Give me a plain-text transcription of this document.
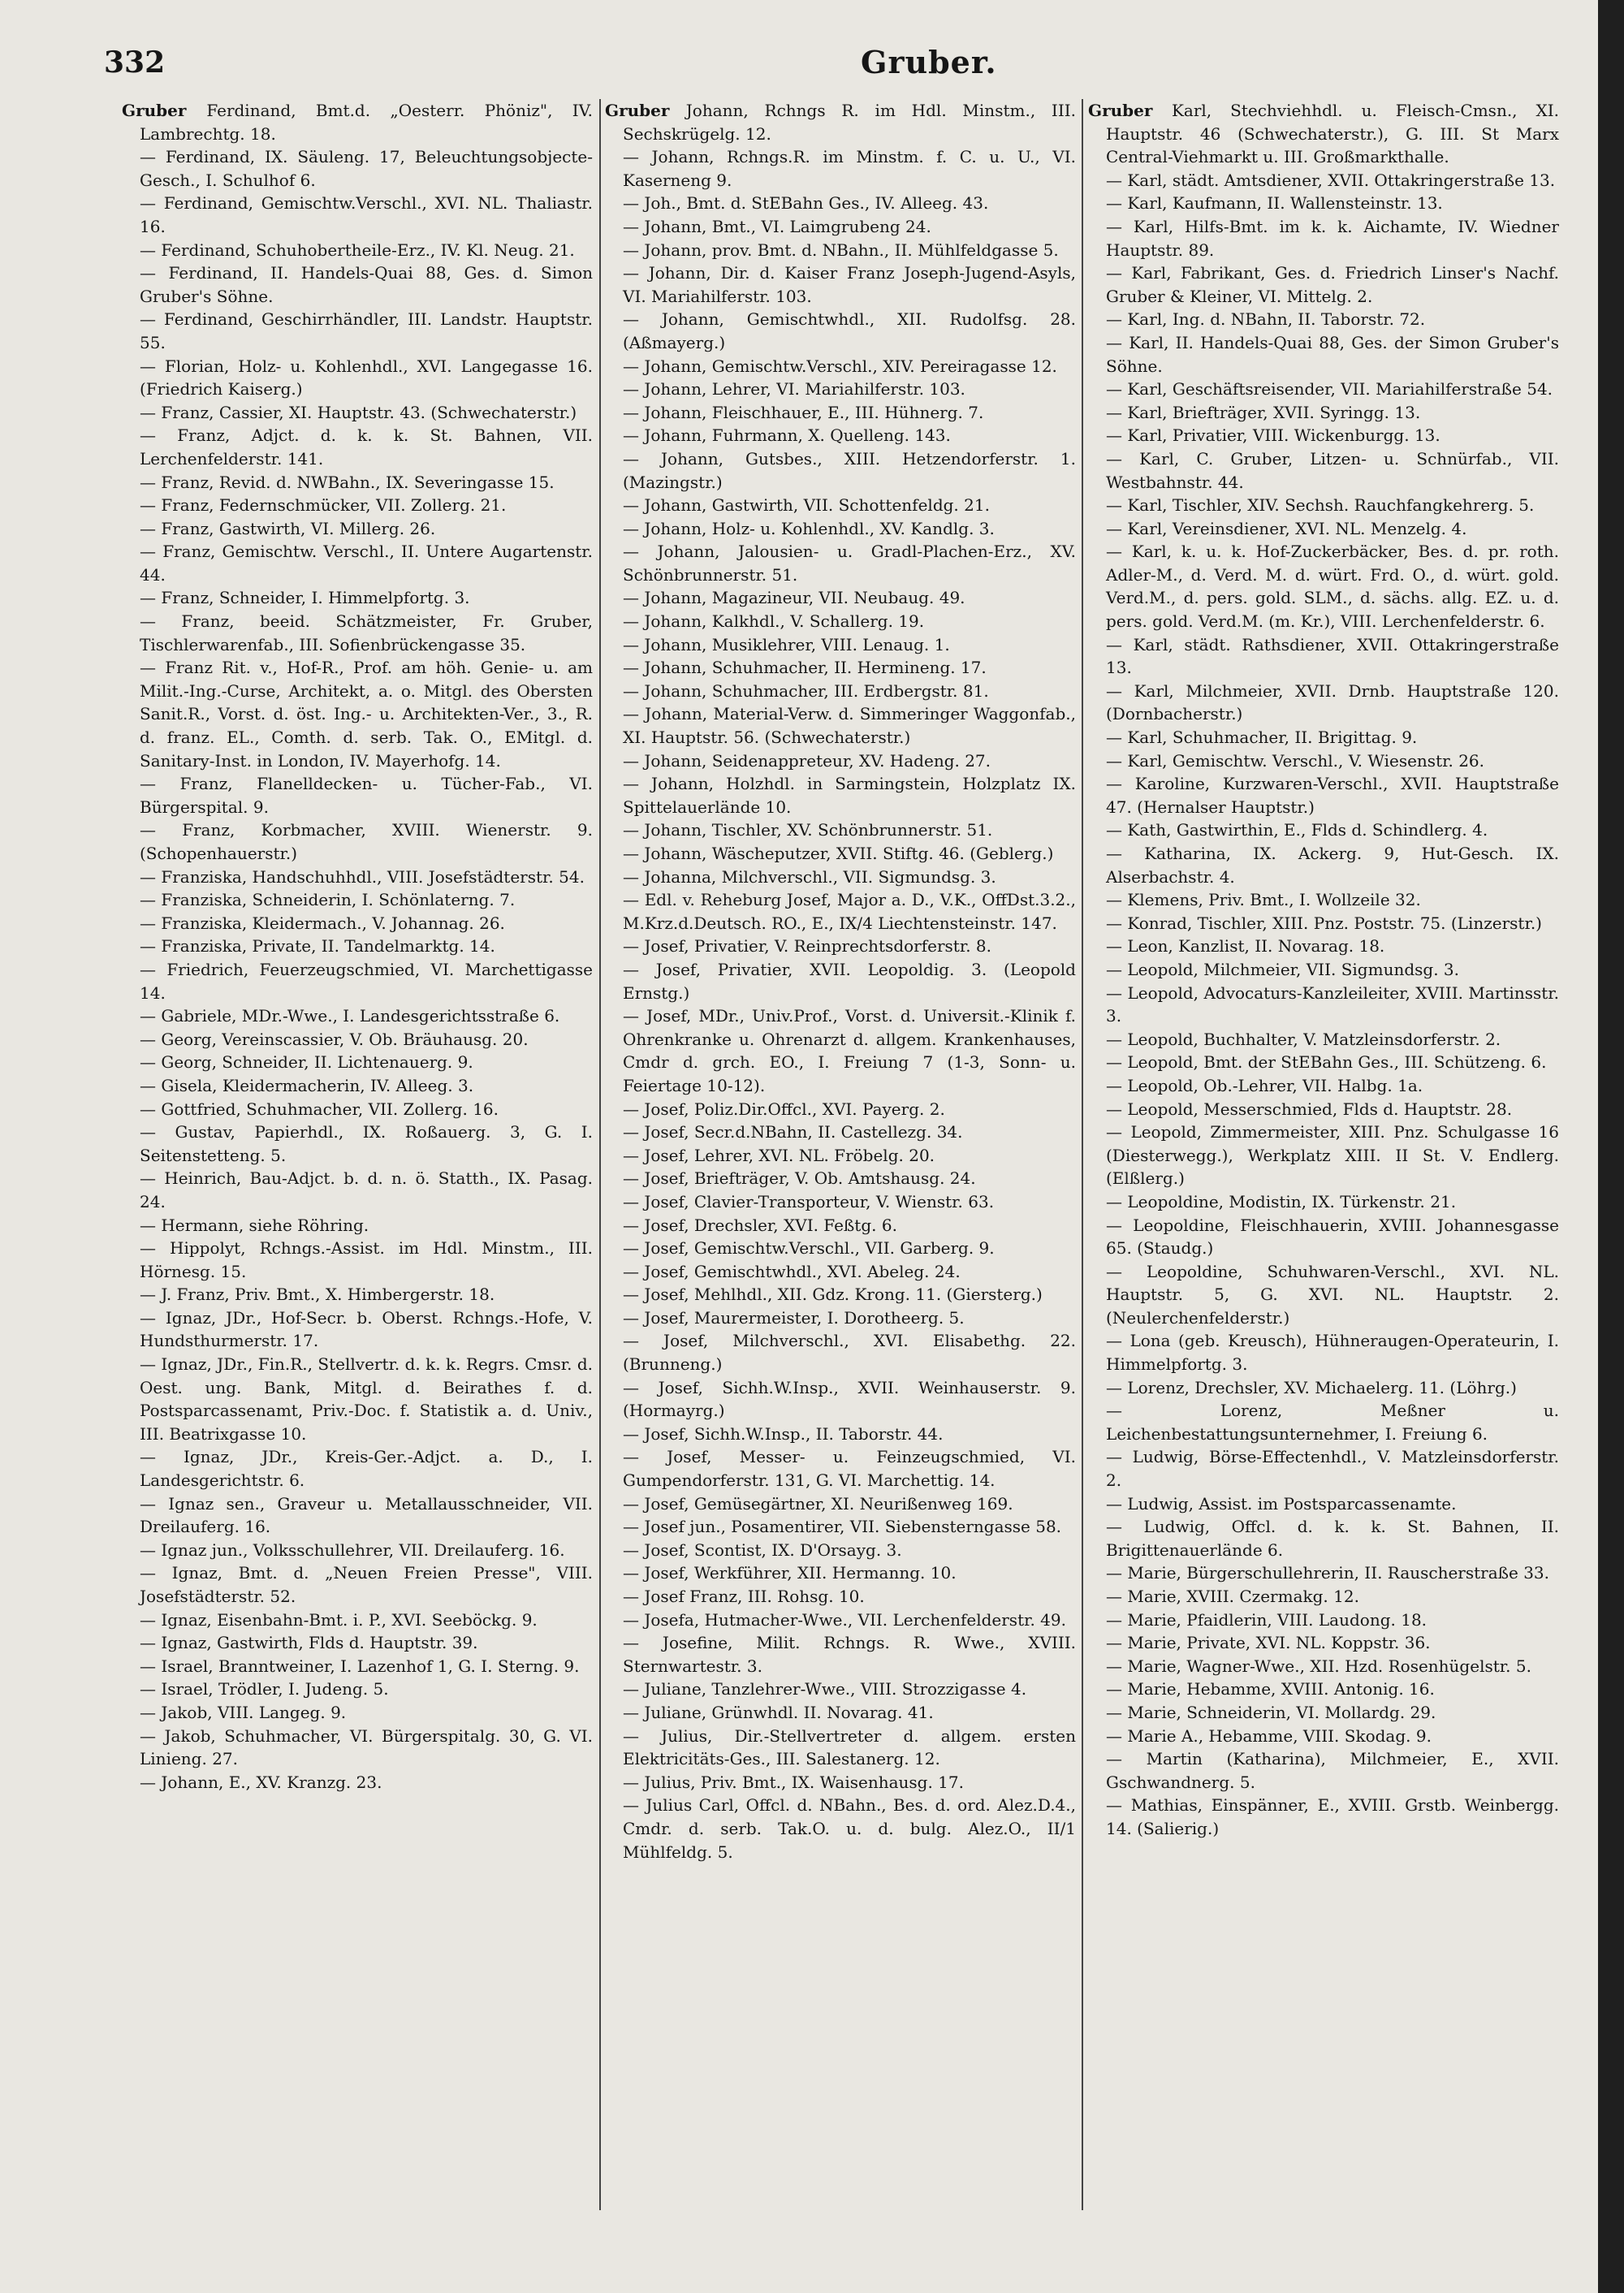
332	Gruber.
Gruber Ferdinand, Bmt.d. „Oesterr. Phöniz", IV. Lambrechtg. 18.
— Ferdinand, IX. Säuleng. 17, Beleuchtungsobjecte-Gesch., I. Schulhof 6.
— Ferdinand, Gemischtw.Verschl., XVI. NL. Thaliastr. 16.
— Ferdinand, Schuhobertheile-Erz., IV. Kl. Neug. 21.
— Ferdinand, II. Handels-Quai 88, Ges. d. Simon Gruber's Söhne.
— Ferdinand, Geschirrhändler, III. Landstr. Hauptstr. 55.
— Florian, Holz- u. Kohlenhdl., XVI. Langegasse 16. (Friedrich Kaiserg.)
— Franz, Cassier, XI. Hauptstr. 43. (Schwechaterstr.)
— Franz, Adjct. d. k. k. St. Bahnen, VII. Lerchenfelderstr. 141.
— Franz, Revid. d. NWBahn., IX. Severingasse 15.
— Franz, Federnschmücker, VII. Zollerg. 21.
— Franz, Gastwirth, VI. Millerg. 26.
— Franz, Gemischtw. Verschl., II. Untere Augartenstr. 44.
— Franz, Schneider, I. Himmelpfortg. 3.
— Franz, beeid. Schätzmeister, Fr. Gruber, Tischlerwarenfab., III. Sofienbrückengasse 35.
— Franz Rit. v., Hof-R., Prof. am höh. Genie- u. am Milit.-Ing.-Curse, Architekt, a. o. Mitgl. des Obersten Sanit.R., Vorst. d. öst. Ing.- u. Architekten-Ver., 3., R. d. franz. EL., Comth. d. serb. Tak. O., EMitgl. d. Sanitary-Inst. in London, IV. Mayerhofg. 14.
— Franz, Flanelldecken- u. Tücher-Fab., VI. Bürgerspital. 9.
— Franz, Korbmacher, XVIII. Wienerstr. 9. (Schopenhauerstr.)
— Franziska, Handschuhhdl., VIII. Josefstädterstr. 54.
— Franziska, Schneiderin, I. Schönlaterng. 7.
— Franziska, Kleidermach., V. Johannag. 26.
— Franziska, Private, II. Tandelmarktg. 14.
— Friedrich, Feuerzeugschmied, VI. Marchettigasse 14.
— Gabriele, MDr.-Wwe., I. Landesgerichtsstraße 6.
— Georg, Vereinscassier, V. Ob. Bräuhausg. 20.
— Georg, Schneider, II. Lichtenauerg. 9.
— Gisela, Kleidermacherin, IV. Alleeg. 3.
— Gottfried, Schuhmacher, VII. Zollerg. 16.
— Gustav, Papierhdl., IX. Roßauerg. 3, G. I. Seitenstetteng. 5.
— Heinrich, Bau-Adjct. b. d. n. ö. Statth., IX. Pasag. 24.
— Hermann, siehe Röhring.
— Hippolyt, Rchngs.-Assist. im Hdl. Minstm., III. Hörnesg. 15.
— J. Franz, Priv. Bmt., X. Himbergerstr. 18.
— Ignaz, JDr., Hof-Secr. b. Oberst. Rchngs.-Hofe, V. Hundsthurmerstr. 17.
— Ignaz, JDr., Fin.R., Stellvertr. d. k. k. Regrs. Cmsr. d. Oest. ung. Bank, Mitgl. d. Beirathes f. d. Postsparcassenamt, Priv.-Doc. f. Statistik a. d. Univ., III. Beatrixgasse 10.
— Ignaz, JDr., Kreis-Ger.-Adjct. a. D., I. Landesgerichtstr. 6.
— Ignaz sen., Graveur u. Metallausschneider, VII. Dreilauferg. 16.
— Ignaz jun., Volksschullehrer, VII. Dreilauferg. 16.
— Ignaz, Bmt. d. „Neuen Freien Presse", VIII. Josefstädterstr. 52.
— Ignaz, Eisenbahn-Bmt. i. P., XVI. Seeböckg. 9.
— Ignaz, Gastwirth, Flds d. Hauptstr. 39.
— Israel, Branntweiner, I. Lazenhof 1, G. I. Sterng. 9.
— Israel, Trödler, I. Judeng. 5.
— Jakob, VIII. Langeg. 9.
— Jakob, Schuhmacher, VI. Bürgerspitalg. 30, G. VI. Linieng. 27.
— Johann, E., XV. Kranzg. 23.
Gruber Johann, Rchngs R. im Hdl. Minstm., III. Sechskrügelg. 12.
— Johann, Rchngs.R. im Minstm. f. C. u. U., VI. Kaserneng 9.
— Joh., Bmt. d. StEBahn Ges., IV. Alleeg. 43.
— Johann, Bmt., VI. Laimgrubeng 24.
— Johann, prov. Bmt. d. NBahn., II. Mühlfeldgasse 5.
— Johann, Dir. d. Kaiser Franz Joseph-Jugend-Asyls, VI. Mariahilferstr. 103.
— Johann, Gemischtwhdl., XII. Rudolfsg. 28. (Aßmayerg.)
— Johann, Gemischtw.Verschl., XIV. Pereiragasse 12.
— Johann, Lehrer, VI. Mariahilferstr. 103.
— Johann, Fleischhauer, E., III. Hühnerg. 7.
— Johann, Fuhrmann, X. Quelleng. 143.
— Johann, Gutsbes., XIII. Hetzendorferstr. 1. (Mazingstr.)
— Johann, Gastwirth, VII. Schottenfeldg. 21.
— Johann, Holz- u. Kohlenhdl., XV. Kandlg. 3.
— Johann, Jalousien- u. Gradl-Plachen-Erz., XV. Schönbrunnerstr. 51.
— Johann, Magazineur, VII. Neubaug. 49.
— Johann, Kalkhdl., V. Schallerg. 19.
— Johann, Musiklehrer, VIII. Lenaug. 1.
— Johann, Schuhmacher, II. Hermineng. 17.
— Johann, Schuhmacher, III. Erdbergstr. 81.
— Johann, Material-Verw. d. Simmeringer Waggonfab., XI. Hauptstr. 56. (Schwechaterstr.)
— Johann, Seidenappreteur, XV. Hadeng. 27.
— Johann, Holzhdl. in Sarmingstein, Holzplatz IX. Spittelauerlände 10.
— Johann, Tischler, XV. Schönbrunnerstr. 51.
— Johann, Wäscheputzer, XVII. Stiftg. 46. (Geblerg.)
— Johanna, Milchverschl., VII. Sigmundsg. 3.
— Edl. v. Reheburg Josef, Major a. D., V.K., OffDst.3.2., M.Krz.d.Deutsch. RO., E., IX/4 Liechtensteinstr. 147.
— Josef, Privatier, V. Reinprechtsdorferstr. 8.
— Josef, Privatier, XVII. Leopoldig. 3. (Leopold Ernstg.)
— Josef, MDr., Univ.Prof., Vorst. d. Universit.-Klinik f. Ohrenkranke u. Ohrenarzt d. allgem. Krankenhauses, Cmdr d. grch. EO., I. Freiung 7 (1-3, Sonn- u. Feiertage 10-12).
— Josef, Poliz.Dir.Offcl., XVI. Payerg. 2.
— Josef, Secr.d.NBahn, II. Castellezg. 34.
— Josef, Lehrer, XVI. NL. Fröbelg. 20.
— Josef, Briefträger, V. Ob. Amtshausg. 24.
— Josef, Clavier-Transporteur, V. Wienstr. 63.
— Josef, Drechsler, XVI. Feßtg. 6.
— Josef, Gemischtw.Verschl., VII. Garberg. 9.
— Josef, Gemischtwhdl., XVI. Abeleg. 24.
— Josef, Mehlhdl., XII. Gdz. Krong. 11. (Giersterg.)
— Josef, Maurermeister, I. Dorotheerg. 5.
— Josef, Milchverschl., XVI. Elisabethg. 22. (Brunneng.)
— Josef, Sichh.W.Insp., XVII. Weinhauserstr. 9. (Hormayrg.)
— Josef, Sichh.W.Insp., II. Taborstr. 44.
— Josef, Messer- u. Feinzeugschmied, VI. Gumpendorferstr. 131, G. VI. Marchettig. 14.
— Josef, Gemüsegärtner, XI. Neurißenweg 169.
— Josef jun., Posamentirer, VII. Siebensterngasse 58.
— Josef, Scontist, IX. D'Orsayg. 3.
— Josef, Werkführer, XII. Hermanng. 10.
— Josef Franz, III. Rohsg. 10.
— Josefa, Hutmacher-Wwe., VII. Lerchenfelderstr. 49.
— Josefine, Milit. Rchngs. R. Wwe., XVIII. Sternwartestr. 3.
— Juliane, Tanzlehrer-Wwe., VIII. Strozzigasse 4.
— Juliane, Grünwhdl. II. Novarag. 41.
— Julius, Dir.-Stellvertreter d. allgem. ersten Elektricitäts-Ges., III. Salestanerg. 12.
— Julius, Priv. Bmt., IX. Waisenhausg. 17.
— Julius Carl, Offcl. d. NBahn., Bes. d. ord. Alez.D.4., Cmdr. d. serb. Tak.O. u. d. bulg. Alez.O., II/1 Mühlfeldg. 5.
Gruber Karl, Stechviehhdl. u. Fleisch-Cmsn., XI. Hauptstr. 46 (Schwechaterstr.), G. III. St Marx Central-Viehmarkt u. III. Großmarkthalle.
— Karl, städt. Amtsdiener, XVII. Ottakringerstraße 13.
— Karl, Kaufmann, II. Wallensteinstr. 13.
— Karl, Hilfs-Bmt. im k. k. Aichamte, IV. Wiedner Hauptstr. 89.
— Karl, Fabrikant, Ges. d. Friedrich Linser's Nachf. Gruber & Kleiner, VI. Mittelg. 2.
— Karl, Ing. d. NBahn, II. Taborstr. 72.
— Karl, II. Handels-Quai 88, Ges. der Simon Gruber's Söhne.
— Karl, Geschäftsreisender, VII. Mariahilferstraße 54.
— Karl, Briefträger, XVII. Syringg. 13.
— Karl, Privatier, VIII. Wickenburgg. 13.
— Karl, C. Gruber, Litzen- u. Schnürfab., VII. Westbahnstr. 44.
— Karl, Tischler, XIV. Sechsh. Rauchfangkehrerg. 5.
— Karl, Vereinsdiener, XVI. NL. Menzelg. 4.
— Karl, k. u. k. Hof-Zuckerbäcker, Bes. d. pr. roth. Adler-M., d. Verd. M. d. würt. Frd. O., d. würt. gold. Verd.M., d. pers. gold. SLM., d. sächs. allg. EZ. u. d. pers. gold. Verd.M. (m. Kr.), VIII. Lerchenfelderstr. 6.
— Karl, städt. Rathsdiener, XVII. Ottakringerstraße 13.
— Karl, Milchmeier, XVII. Drnb. Hauptstraße 120. (Dornbacherstr.)
— Karl, Schuhmacher, II. Brigittag. 9.
— Karl, Gemischtw. Verschl., V. Wiesenstr. 26.
— Karoline, Kurzwaren-Verschl., XVII. Hauptstraße 47. (Hernalser Hauptstr.)
— Kath, Gastwirthin, E., Flds d. Schindlerg. 4.
— Katharina, IX. Ackerg. 9, Hut-Gesch. IX. Alserbachstr. 4.
— Klemens, Priv. Bmt., I. Wollzeile 32.
— Konrad, Tischler, XIII. Pnz. Poststr. 75. (Linzerstr.)
— Leon, Kanzlist, II. Novarag. 18.
— Leopold, Milchmeier, VII. Sigmundsg. 3.
— Leopold, Advocaturs-Kanzleileiter, XVIII. Martinsstr. 3.
— Leopold, Buchhalter, V. Matzleinsdorferstr. 2.
— Leopold, Bmt. der StEBahn Ges., III. Schützeng. 6.
— Leopold, Ob.-Lehrer, VII. Halbg. 1a.
— Leopold, Messerschmied, Flds d. Hauptstr. 28.
— Leopold, Zimmermeister, XIII. Pnz. Schulgasse 16 (Diesterwegg.), Werkplatz XIII. II St. V. Endlerg. (Elßlerg.)
— Leopoldine, Modistin, IX. Türkenstr. 21.
— Leopoldine, Fleischhauerin, XVIII. Johannesgasse 65. (Staudg.)
— Leopoldine, Schuhwaren-Verschl., XVI. NL. Hauptstr. 5, G. XVI. NL. Hauptstr. 2. (Neulerchenfelderstr.)
— Lona (geb. Kreusch), Hühneraugen-Operateurin, I. Himmelpfortg. 3.
— Lorenz, Drechsler, XV. Michaelerg. 11. (Löhrg.)
— Lorenz, Meßner u. Leichenbestattungsunternehmer, I. Freiung 6.
— Ludwig, Börse-Effectenhdl., V. Matzleinsdorferstr. 2.
— Ludwig, Assist. im Postsparcassenamte.
— Ludwig, Offcl. d. k. k. St. Bahnen, II. Brigittenauerlände 6.
— Marie, Bürgerschullehrerin, II. Rauscherstraße 33.
— Marie, XVIII. Czermakg. 12.
— Marie, Pfaidlerin, VIII. Laudong. 18.
— Marie, Private, XVI. NL. Koppstr. 36.
— Marie, Wagner-Wwe., XII. Hzd. Rosenhügelstr. 5.
— Marie, Hebamme, XVIII. Antonig. 16.
— Marie, Schneiderin, VI. Mollardg. 29.
— Marie A., Hebamme, VIII. Skodag. 9.
— Martin (Katharina), Milchmeier, E., XVII. Gschwandnerg. 5.
— Mathias, Einspänner, E., XVIII. Grstb. Weinbergg. 14. (Salierig.)
